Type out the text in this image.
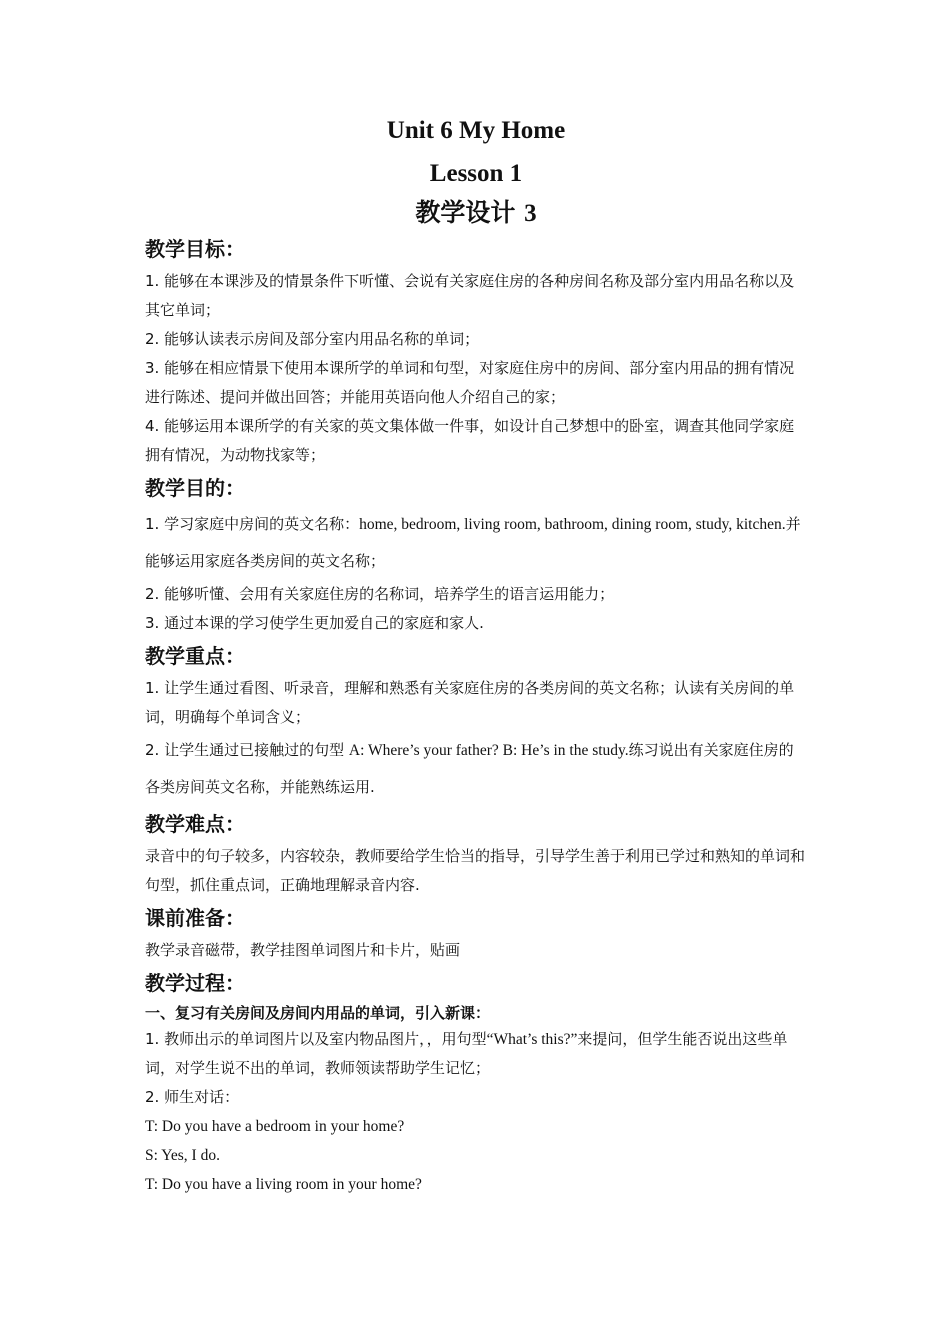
Unit 6 My Home
Lesson 1
教学设计 3
教学目标：

1. 能够在本课涉及的情景条件下听懂、会说有关家庭住房的各种房间名称及部分室内用品名称以及其它单词；

2. 能够认读表示房间及部分室内用品名称的单词；

3. 能够在相应情景下使用本课所学的单词和句型，对家庭住房中的房间、部分室内用品的拥有情况进行陈述、提问并做出回答；并能用英语向他人介绍自己的家；

4. 能够运用本课所学的有关家的英文集体做一件事，如设计自己梦想中的卧室，调查其他同学家庭拥有情况，为动物找家等；

教学目的：

1. 学习家庭中房间的英文名称：home, bedroom, living room, bathroom, dining room, study, kitchen.并能够运用家庭各类房间的英文名称；

2. 能够听懂、会用有关家庭住房的名称词，培养学生的语言运用能力；

3. 通过本课的学习使学生更加爱自己的家庭和家人.

教学重点：

1. 让学生通过看图、听录音，理解和熟悉有关家庭住房的各类房间的英文名称；认读有关房间的单词，明确每个单词含义；

2. 让学生通过已接触过的句型 A: Where’s your father? B: He’s in the study.练习说出有关家庭住房的各类房间英文名称，并能熟练运用.

教学难点：

录音中的句子较多，内容较杂，教师要给学生恰当的指导，引导学生善于利用已学过和熟知的单词和句型，抓住重点词，正确地理解录音内容.

课前准备：

教学录音磁带，教学挂图单词图片和卡片，贴画

教学过程：
一、复习有关房间及房间内用品的单词，引入新课：

1. 教师出示的单词图片以及室内物品图片，，用句型“What’s this?”来提问，但学生能否说出这些单词，对学生说不出的单词，教师领读帮助学生记忆；

2. 师生对话：

T: Do you have a bedroom in your home?

S: Yes, I do.

T: Do you have a living room in your home?
